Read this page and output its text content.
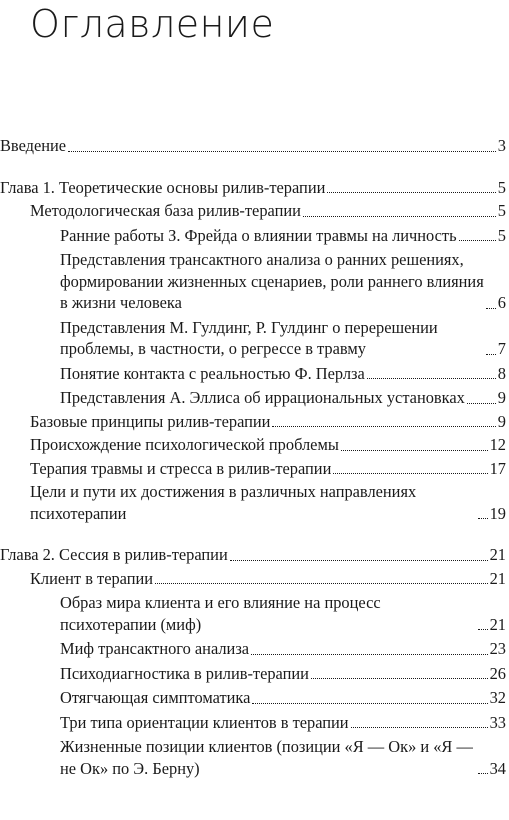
Оглавление
Введение	3
Глава 1. Теоретические основы рилив-терапии	5
Методологическая база рилив-терапии	5
Ранние работы З. Фрейда о влиянии травмы на личность	5
Представления трансактного анализа о ранних решениях, формировании жизненных сценариев, роли раннего влияния в жизни человека	6
Представления М. Гулдинг, Р. Гулдинг о перерешении проблемы, в частности, о регрессе в травму	7
Понятие контакта с реальностью Ф. Перлза	8
Представления А. Эллиса об иррациональных установках 9
Базовые принципы рилив-терапии	9
Происхождение психологической проблемы	12
Терапия травмы и стресса в рилив-терапии	17
Цели и пути их достижения в различных направлениях психотерапии	19
Глава 2. Сессия в рилив-терапии	21
Клиент в терапии	21
Образ мира клиента и его влияние на процесс психотерапии (миф)	21
Миф трансактного анализа	23
Психодиагностика в рилив-терапии	26
Отягчающая симптоматика	32
Три типа ориентации клиентов в терапии	33
Жизненные позиции клиентов (позиции «Я — Ок» и «Я — не Ок» по Э. Берну)	34
